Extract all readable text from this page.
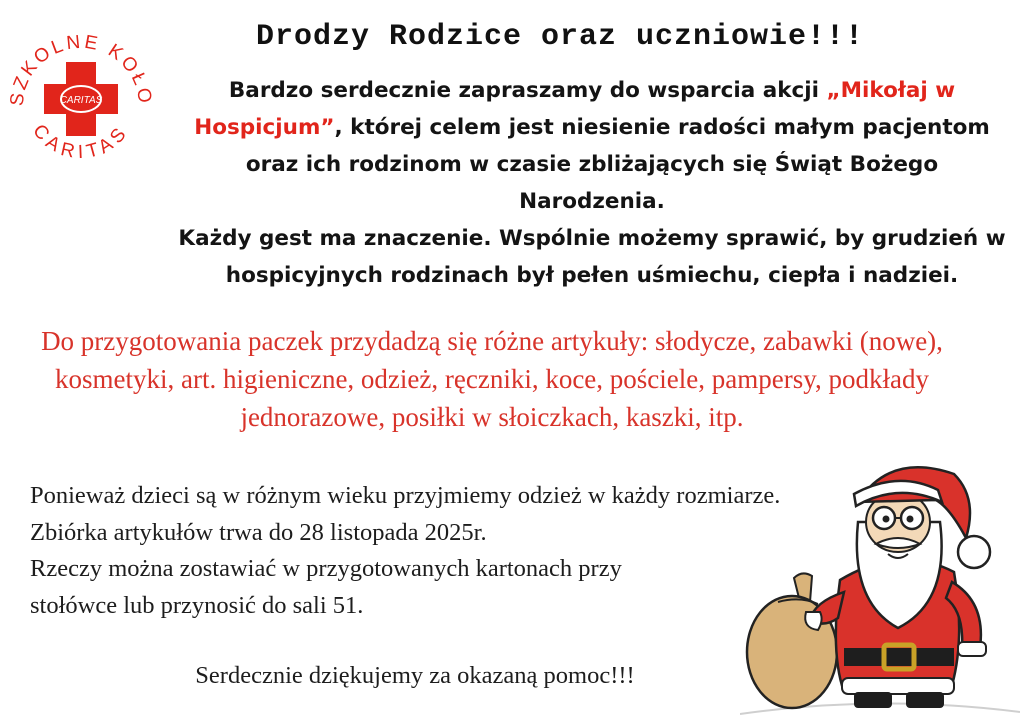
SZKOLNE KOŁO
CARITAS
CARITAS
Drodzy Rodzice oraz uczniowie!!!

Bardzo serdecznie zapraszamy do wsparcia akcji „Mikołaj w Hospicjum”, której celem jest niesienie radości małym pacjentom oraz ich rodzinom w czasie zbliżających się Świąt Bożego Narodzenia.

Każdy gest ma znaczenie. Wspólnie możemy sprawić, by grudzień w hospicyjnych rodzinach był pełen uśmiechu, ciepła i nadziei.

Do przygotowania paczek przydadzą się różne artykuły: słodycze, zabawki (nowe), kosmetyki, art. higieniczne, odzież, ręczniki, koce, pościele, pampersy, podkłady jednorazowe, posiłki w słoiczkach, kaszki, itp.
Ponieważ dzieci są w różnym wieku przyjmiemy odzież w każdy rozmiarze.
Zbiórka artykułów trwa do 28 listopada 2025r.
Rzeczy można zostawiać w przygotowanych kartonach przy
stołówce lub przynosić do sali 51.
Serdecznie dziękujemy za okazaną pomoc!!!
